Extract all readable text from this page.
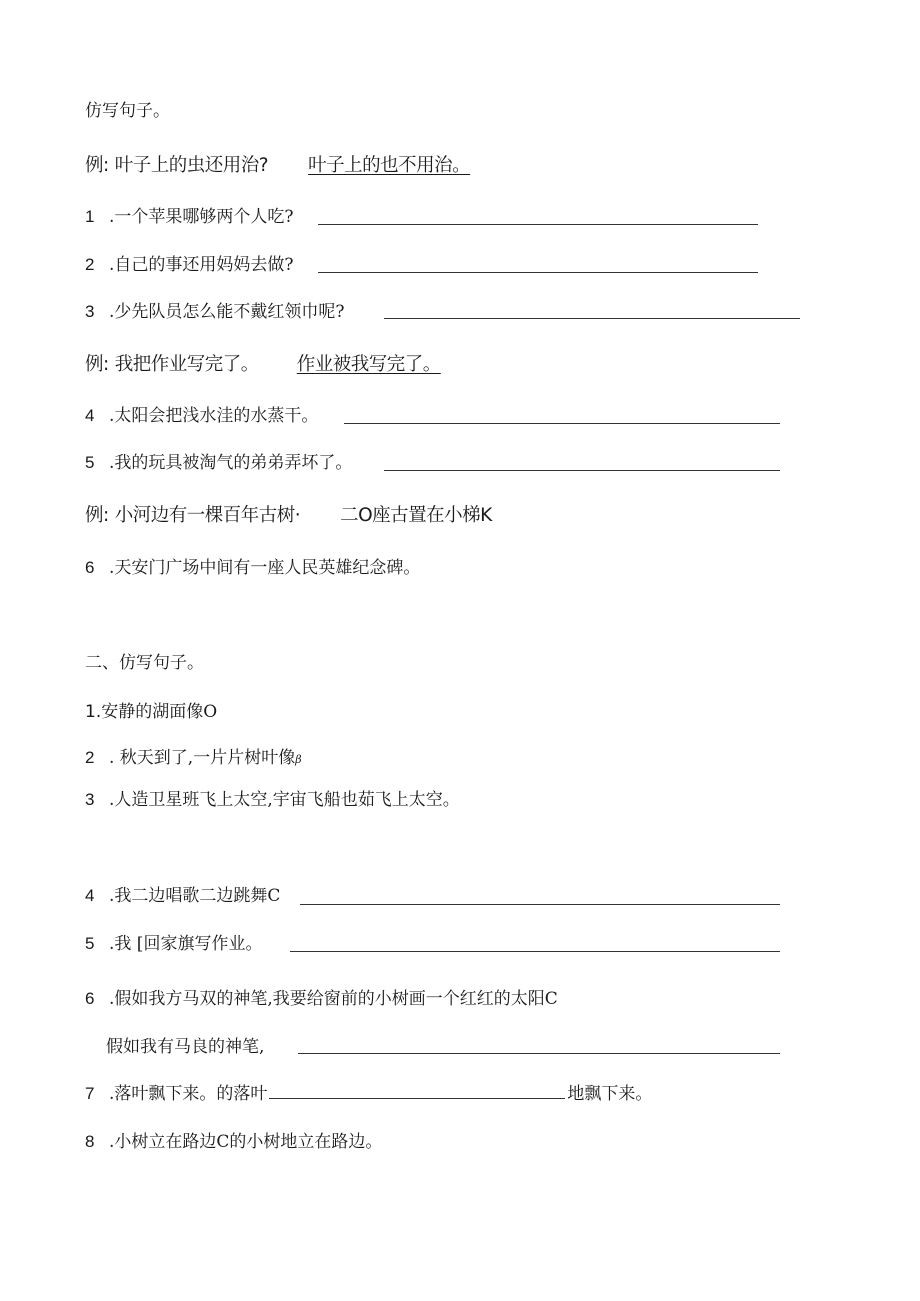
仿写句子。
例: 叶子上的虫还用治? 叶子上的也不用治。
1 .一个苹果哪够两个人吃?
2 .自己的事还用妈妈去做?
3 .少先队员怎么能不戴红领巾呢?
例: 我把作业写完了。 作业被我写完了。
4 .太阳会把浅水洼的水蒸干。
5 .我的玩具被淘气的弟弟弄坏了。
例: 小河边有一棵百年古树· 二O座古置在小梯K
6 .天安门广场中间有一座人民英雄纪念碑。
二、仿写句子。
1. 安静的湖面像O
2 . 秋天到了,一片片树叶像 β
3 .人造卫星班飞上太空,宇宙飞船也茹飞上太空。
4 .我二边唱歌二边跳舞C
5 .我 [回家旗写作业。
6 .假如我方马双的神笔,我要给窗前的小树画一个红红的太阳C
假如我有马良的神笔,
7 .落叶飘下来。的落叶	地飘下来。
8 .小树立在路边C的小树地立在路边。
